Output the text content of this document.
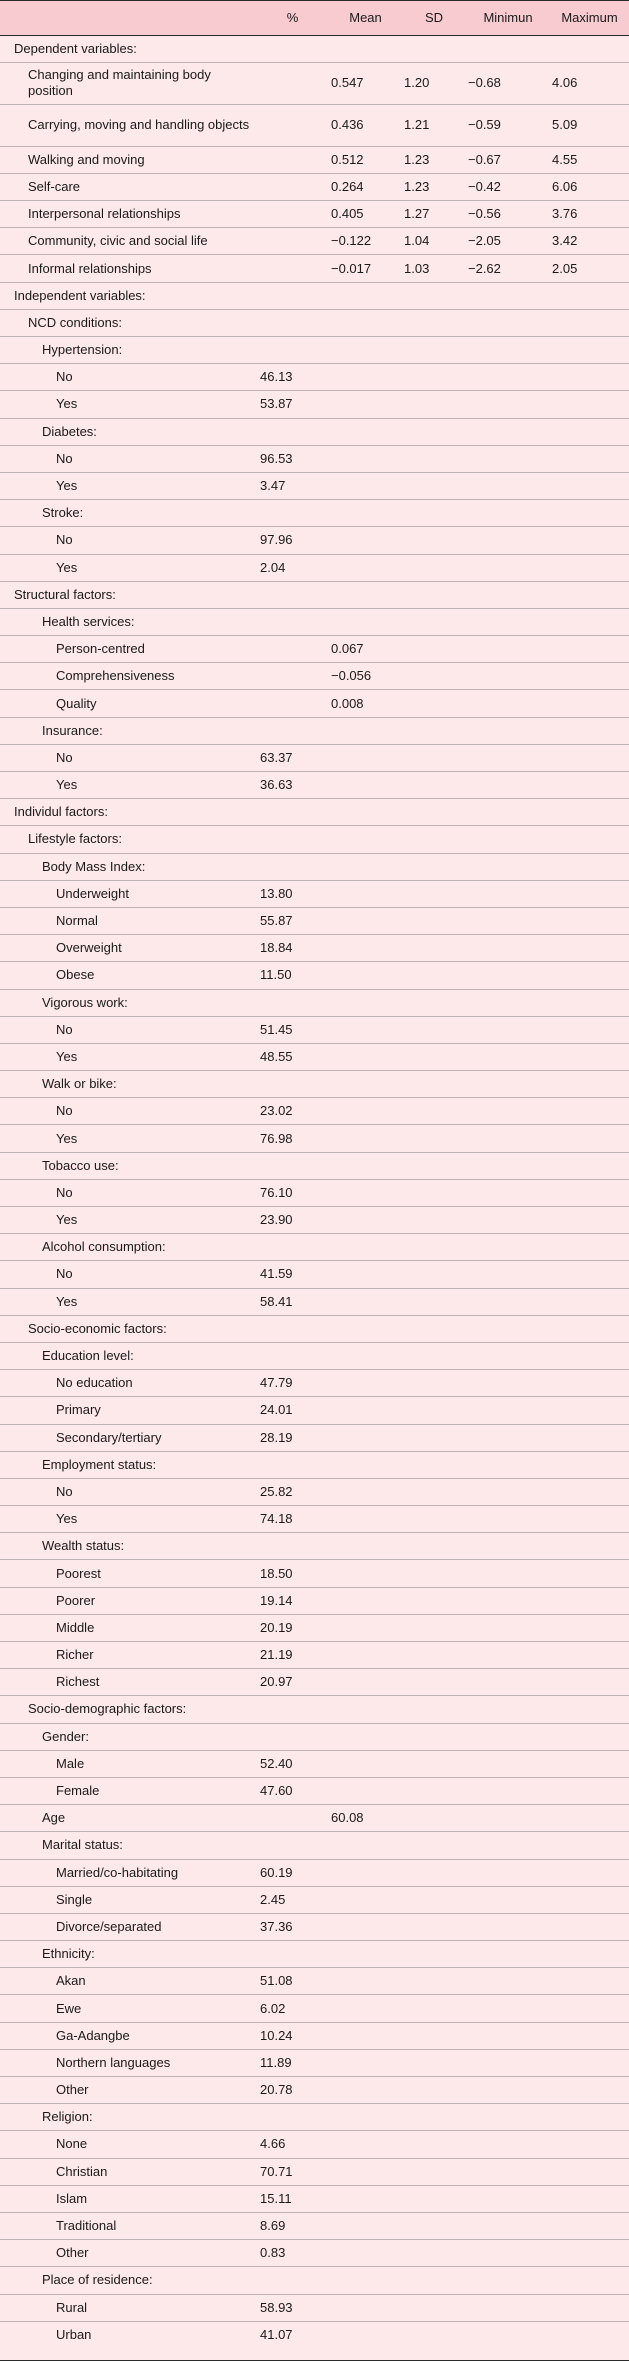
	%	Mean	SD	Minimun	Maximum
Dependent variables:					
Changing and maintaining body position		0.547	1.20	−0.68	4.06
Carrying, moving and handling objects		0.436	1.21	−0.59	5.09
Walking and moving		0.512	1.23	−0.67	4.55
Self-care		0.264	1.23	−0.42	6.06
Interpersonal relationships		0.405	1.27	−0.56	3.76
Community, civic and social life		−0.122	1.04	−2.05	3.42
Informal relationships		−0.017	1.03	−2.62	2.05
Independent variables:					
NCD conditions:					
Hypertension:					
No	46.13				
Yes	53.87				
Diabetes:					
No	96.53				
Yes	3.47				
Stroke:					
No	97.96				
Yes	2.04				
Structural factors:					
Health services:					
Person-centred		0.067			
Comprehensiveness		−0.056			
Quality		0.008			
Insurance:					
No	63.37				
Yes	36.63				
Individul factors:					
Lifestyle factors:					
Body Mass Index:					
Underweight	13.80				
Normal	55.87				
Overweight	18.84				
Obese	11.50				
Vigorous work:					
No	51.45				
Yes	48.55				
Walk or bike:					
No	23.02				
Yes	76.98				
Tobacco use:					
No	76.10				
Yes	23.90				
Alcohol consumption:					
No	41.59				
Yes	58.41				
Socio-economic factors:					
Education level:					
No education	47.79				
Primary	24.01				
Secondary/tertiary	28.19				
Employment status:					
No	25.82				
Yes	74.18				
Wealth status:					
Poorest	18.50				
Poorer	19.14				
Middle	20.19				
Richer	21.19				
Richest	20.97				
Socio-demographic factors:					
Gender:					
Male	52.40				
Female	47.60				
Age		60.08			
Marital status:					
Married/co-habitating	60.19				
Single	2.45				
Divorce/separated	37.36				
Ethnicity:					
Akan	51.08				
Ewe	6.02				
Ga-Adangbe	10.24				
Northern languages	11.89				
Other	20.78				
Religion:					
None	4.66				
Christian	70.71				
Islam	15.11				
Traditional	8.69				
Other	0.83				
Place of residence:					
Rural	58.93				
Urban	41.07				
